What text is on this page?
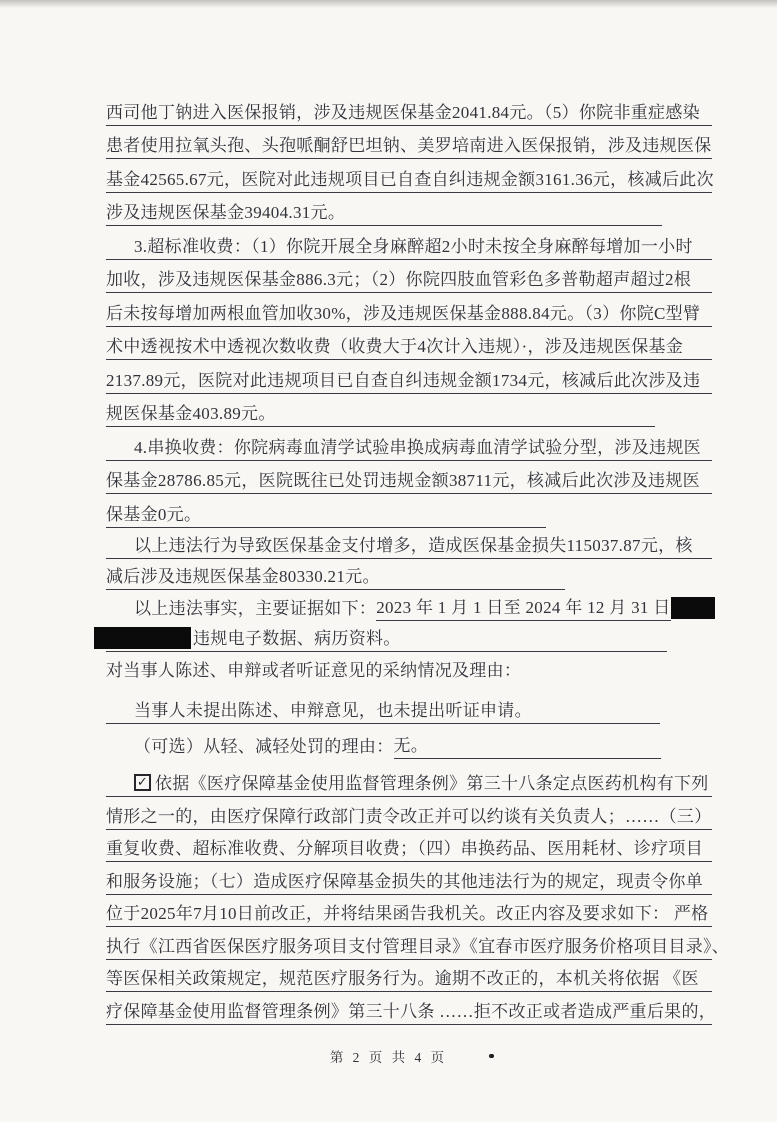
西司他丁钠进入医保报销，涉及违规医保基金2041.84元。（5）你院非重症感染
患者使用拉氧头孢、头孢哌酮舒巴坦钠、美罗培南进入医保报销，涉及违规医保
基金42565.67元，医院对此违规项目已自查自纠违规金额3161.36元，核减后此次
涉及违规医保基金39404.31元。
3.超标准收费：（1）你院开展全身麻醉超2小时未按全身麻醉每增加一小时
加收，涉及违规医保基金886.3元；（2）你院四肢血管彩色多普勒超声超过2根
后未按每增加两根血管加收30%，涉及违规医保基金888.84元。（3）你院C型臂
术中透视按术中透视次数收费（收费大于4次计入违规）·，涉及违规医保基金
2137.89元，医院对此违规项目已自查自纠违规金额1734元，核减后此次涉及违
规医保基金403.89元。
4.串换收费：你院病毒血清学试验串换成病毒血清学试验分型，涉及违规医
保基金28786.85元，医院既往已处罚违规金额38711元，核减后此次涉及违规医
保基金0元。
以上违法行为导致医保基金支付增多，造成医保基金损失115037.87元，核
减后涉及违规医保基金80330.21元。
以上违法事实，主要证据如下： 2023 年 1 月 1 日至 2024 年 12 月 31 日
违规电子数据、病历资料。
对当事人陈述、申辩或者听证意见的采纳情况及理由：
当事人未提出陈述、申辩意见，也未提出听证申请。
（可选）从轻、减轻处罚的理由： 无。
✓ 依据《医疗保障基金使用监督管理条例》第三十八条定点医药机构有下列
情形之一的，由医疗保障行政部门责令改正并可以约谈有关负责人；……（三）
重复收费、超标准收费、分解项目收费；（四）串换药品、医用耗材、诊疗项目
和服务设施；（七）造成医疗保障基金损失的其他违法行为的规定，现责令你单
位于2025年7月10日前改正，并将结果函告我机关。改正内容及要求如下： 严格
执行《江西省医保医疗服务项目支付管理目录》《宜春市医疗服务价格项目目录》、
等医保相关政策规定，规范医疗服务行为。逾期不改正的，本机关将依据 《医
疗保障基金使用监督管理条例》第三十八条 ……拒不改正或者造成严重后果的，
第 2 页 共 4 页
